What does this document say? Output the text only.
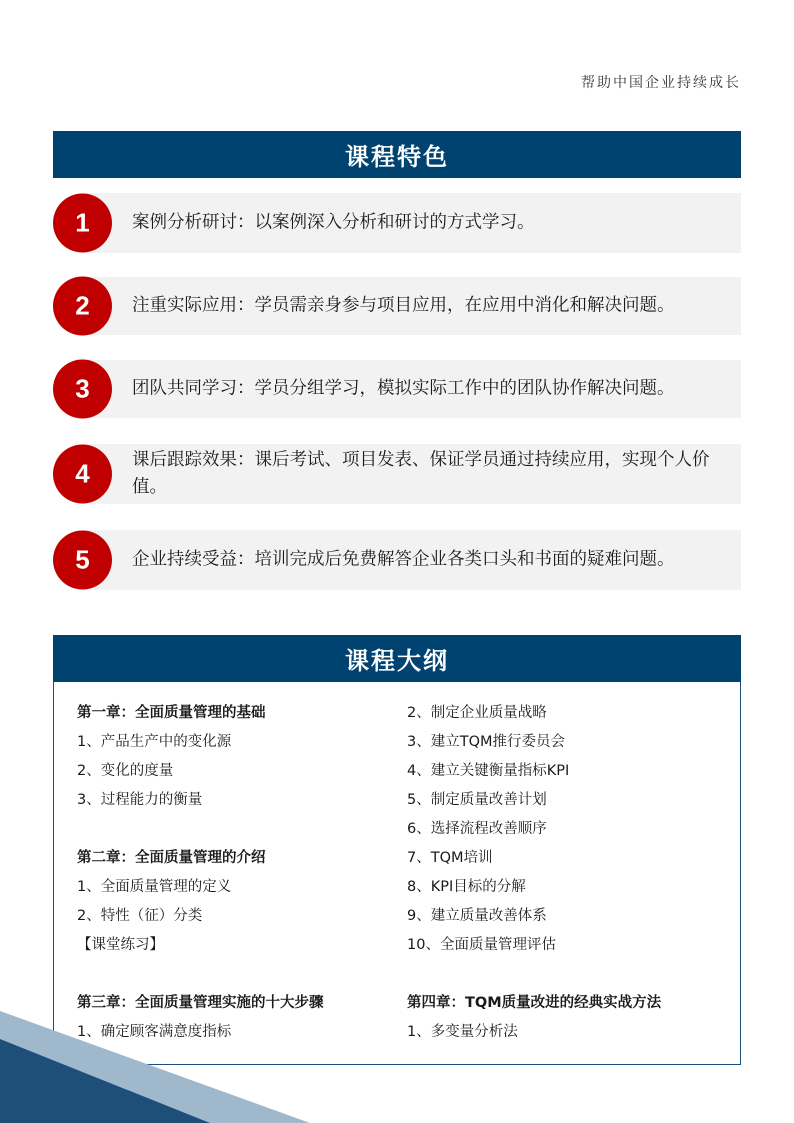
帮助中国企业持续成长
课程特色
1	案例分析研讨：以案例深入分析和研讨的方式学习。
2	注重实际应用：学员需亲身参与项目应用，在应用中消化和解决问题。
3	团队共同学习：学员分组学习，模拟实际工作中的团队协作解决问题。
4	课后跟踪效果：课后考试、项目发表、保证学员通过持续应用，实现个人价值。
5	企业持续受益：培训完成后免费解答企业各类口头和书面的疑难问题。
课程大纲
第一章：全面质量管理的基础
1、产品生产中的变化源
2、变化的度量
3、过程能力的衡量
第二章：全面质量管理的介绍
1、全面质量管理的定义
2、特性（征）分类
【课堂练习】
第三章：全面质量管理实施的十大步骤
1、确定顾客满意度指标
2、制定企业质量战略
3、建立TQM推行委员会
4、建立关键衡量指标KPI
5、制定质量改善计划
6、选择流程改善顺序
7、TQM培训
8、KPI目标的分解
9、建立质量改善体系
10、全面质量管理评估
第四章：TQM质量改进的经典实战方法
1、多变量分析法
